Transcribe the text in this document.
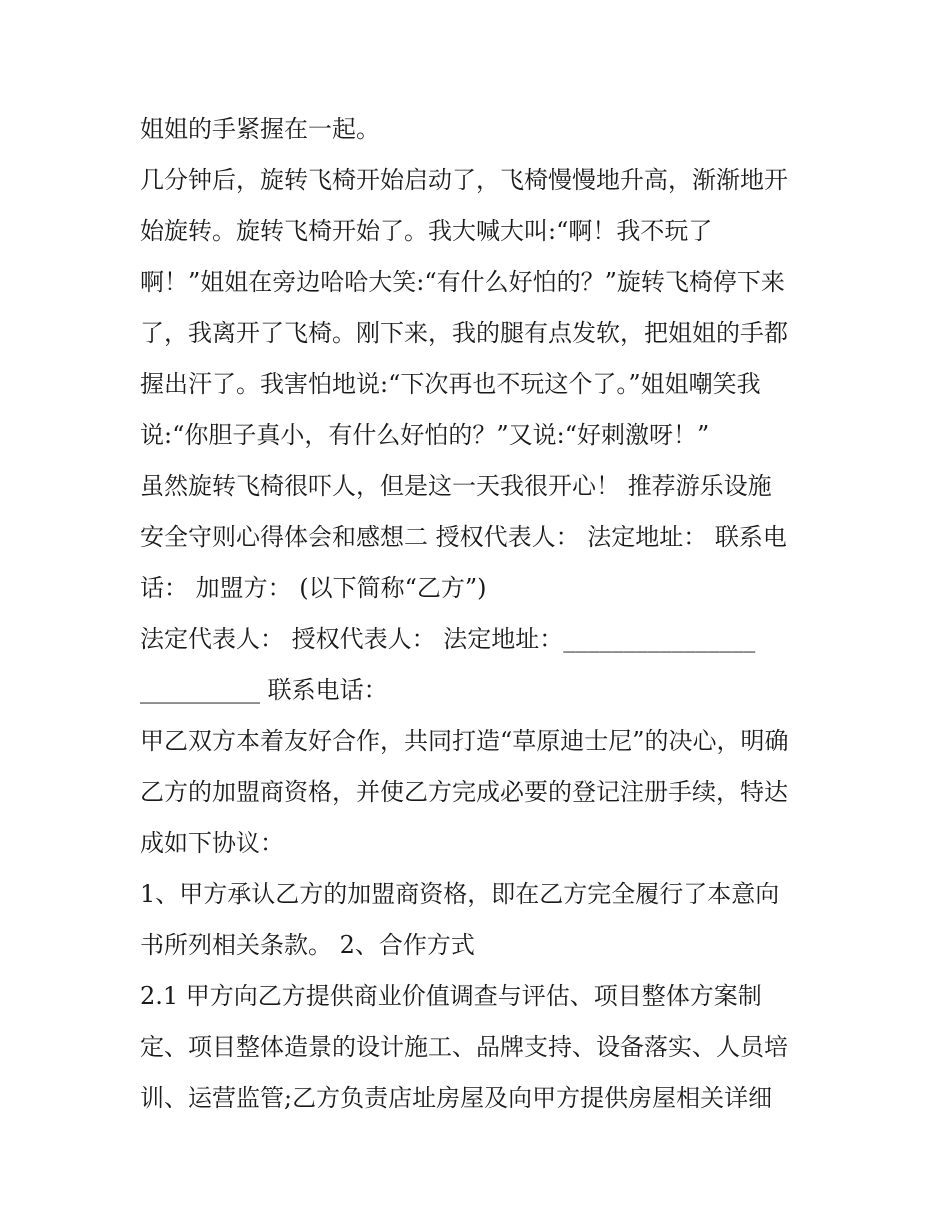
姐姐的手紧握在一起。
几分钟后，旋转飞椅开始启动了，飞椅慢慢地升高，渐渐地开
始旋转。旋转飞椅开始了。我大喊大叫:“啊！我不玩了
啊！”姐姐在旁边哈哈大笑:“有什么好怕的？”旋转飞椅停下来
了，我离开了飞椅。刚下来，我的腿有点发软，把姐姐的手都
握出汗了。我害怕地说:“下次再也不玩这个了。”姐姐嘲笑我
说:“你胆子真小，有什么好怕的？”又说:“好刺激呀！”
虽然旋转飞椅很吓人，但是这一天我很开心！ 推荐游乐设施
安全守则心得体会和感想二 授权代表人： 法定地址： 联系电
话： 加盟方： (以下简称“乙方”)
法定代表人： 授权代表人： 法定地址：________________
__________ 联系电话：
甲乙双方本着友好合作，共同打造“草原迪士尼”的决心，明确
乙方的加盟商资格，并使乙方完成必要的登记注册手续，特达
成如下协议：
1、甲方承认乙方的加盟商资格，即在乙方完全履行了本意向
书所列相关条款。 2、合作方式
2.1 甲方向乙方提供商业价值调查与评估、项目整体方案制
定、项目整体造景的设计施工、品牌支持、设备落实、人员培
训、运营监管;乙方负责店址房屋及向甲方提供房屋相关详细
